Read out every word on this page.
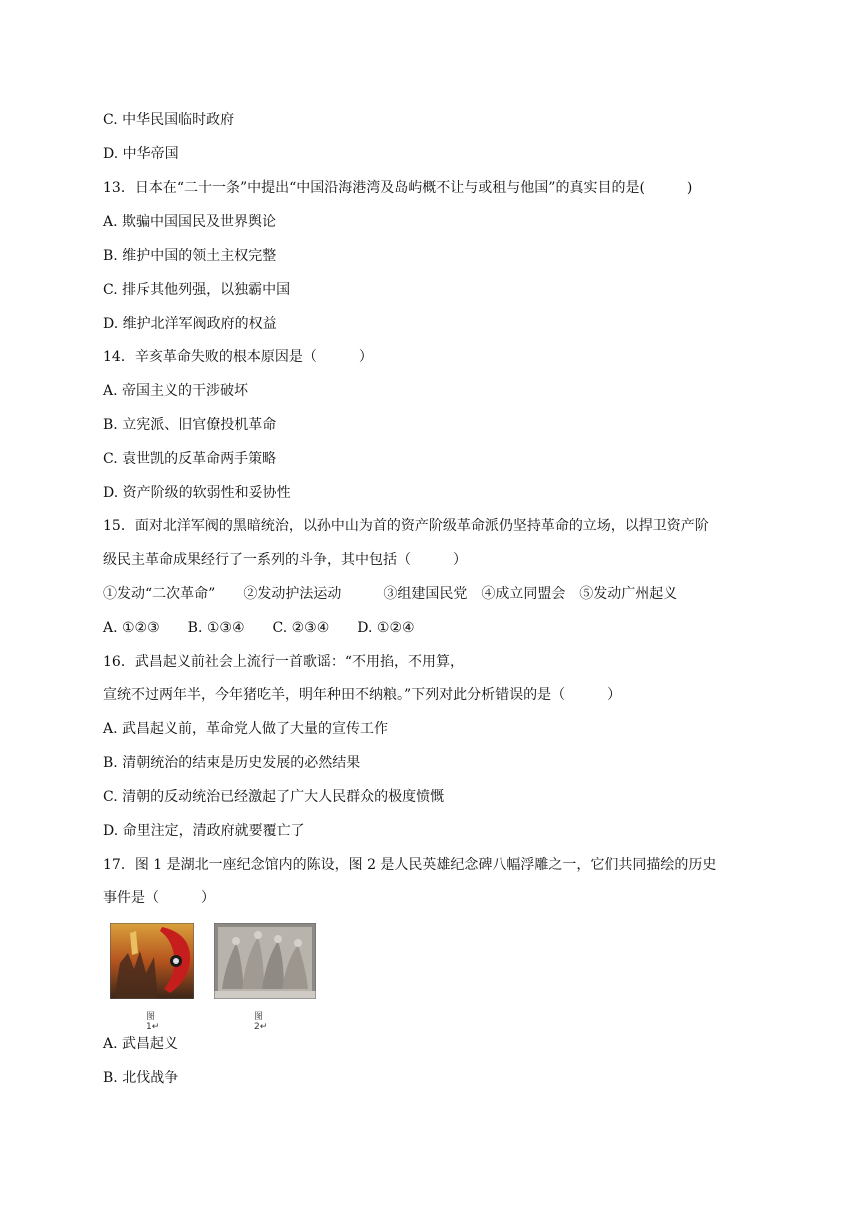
C. 中华民国临时政府

D. 中华帝国

13．日本在“二十一条”中提出“中国沿海港湾及岛屿概不让与或租与他国”的真实目的是(　　　)

A. 欺骗中国国民及世界舆论

B. 维护中国的领土主权完整

C. 排斥其他列强，以独霸中国

D. 维护北洋军阀政府的权益

14．辛亥革命失败的根本原因是（　　　）

A. 帝国主义的干涉破坏

B. 立宪派、旧官僚投机革命

C. 袁世凯的反革命两手策略

D. 资产阶级的软弱性和妥协性

15．面对北洋军阀的黑暗统治，以孙中山为首的资产阶级革命派仍坚持革命的立场，以捍卫资产阶

级民主革命成果经行了一系列的斗争，其中包括（　　　）

①发动“二次革命”　　②发动护法运动　　　③组建国民党　④成立同盟会　⑤发动广州起义

A. ①②③　　B. ①③④　　C. ②③④　　D. ①②④

16．武昌起义前社会上流行一首歌谣：“不用掐，不用算，

宣统不过两年半，今年猪吃羊，明年种田不纳粮。”下列对此分析错误的是（　　　）

A. 武昌起义前，革命党人做了大量的宣传工作

B. 清朝统治的结束是历史发展的必然结果

C. 清朝的反动统治已经激起了广大人民群众的极度愤慨

D. 命里注定，清政府就要覆亡了

17．图 1 是湖北一座纪念馆内的陈设，图 2 是人民英雄纪念碑八幅浮雕之一，它们共同描绘的历史

事件是（　　　）

图1↵
图2↵

A. 武昌起义

B. 北伐战争
